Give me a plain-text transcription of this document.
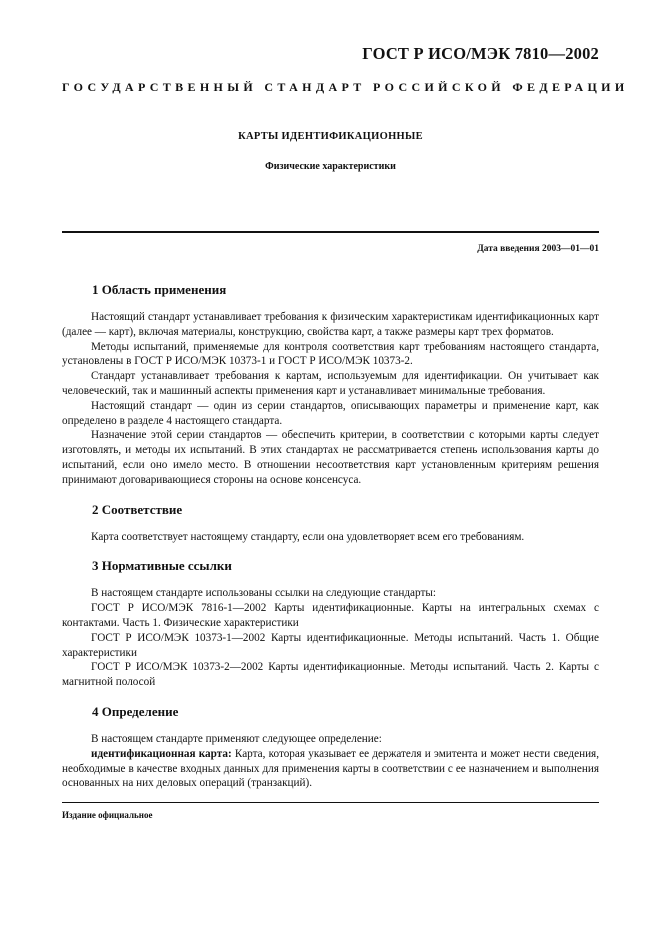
ГОСТ Р ИСО/МЭК 7810—2002
ГОСУДАРСТВЕННЫЙ СТАНДАРТ РОССИЙСКОЙ ФЕДЕРАЦИИ
КАРТЫ ИДЕНТИФИКАЦИОННЫЕ
Физические характеристики
Дата введения 2003—01—01
1 Область применения

Настоящий стандарт устанавливает требования к физическим характеристикам идентификационных карт (далее — карт), включая материалы, конструкцию, свойства карт, а также размеры карт трех форматов.

Методы испытаний, применяемые для контроля соответствия карт требованиям настоящего стандарта, установлены в ГОСТ Р ИСО/МЭК 10373-1 и ГОСТ Р ИСО/МЭК 10373-2.

Стандарт устанавливает требования к картам, используемым для идентификации. Он учитывает как человеческий, так и машинный аспекты применения карт и устанавливает минимальные требования.

Настоящий стандарт — один из серии стандартов, описывающих параметры и применение карт, как определено в разделе 4 настоящего стандарта.

Назначение этой серии стандартов — обеспечить критерии, в соответствии с которыми карты следует изготовлять, и методы их испытаний. В этих стандартах не рассматривается степень использования карты до испытаний, если оно имело место. В отношении несоответствия карт установленным критериям решения принимают договаривающиеся стороны на основе консенсуса.

2 Соответствие

Карта соответствует настоящему стандарту, если она удовлетворяет всем его требованиям.

3 Нормативные ссылки

В настоящем стандарте использованы ссылки на следующие стандарты:

ГОСТ Р ИСО/МЭК 7816-1—2002 Карты идентификационные. Карты на интегральных схемах с контактами. Часть 1. Физические характеристики

ГОСТ Р ИСО/МЭК 10373-1—2002 Карты идентификационные. Методы испытаний. Часть 1. Общие характеристики

ГОСТ Р ИСО/МЭК 10373-2—2002 Карты идентификационные. Методы испытаний. Часть 2. Карты с магнитной полосой

4 Определение

В настоящем стандарте применяют следующее определение:

идентификационная карта: Карта, которая указывает ее держателя и эмитента и может нести сведения, необходимые в качестве входных данных для применения карты в соответствии с ее назначением и выполнения основанных на них деловых операций (транзакций).

Издание официальное
